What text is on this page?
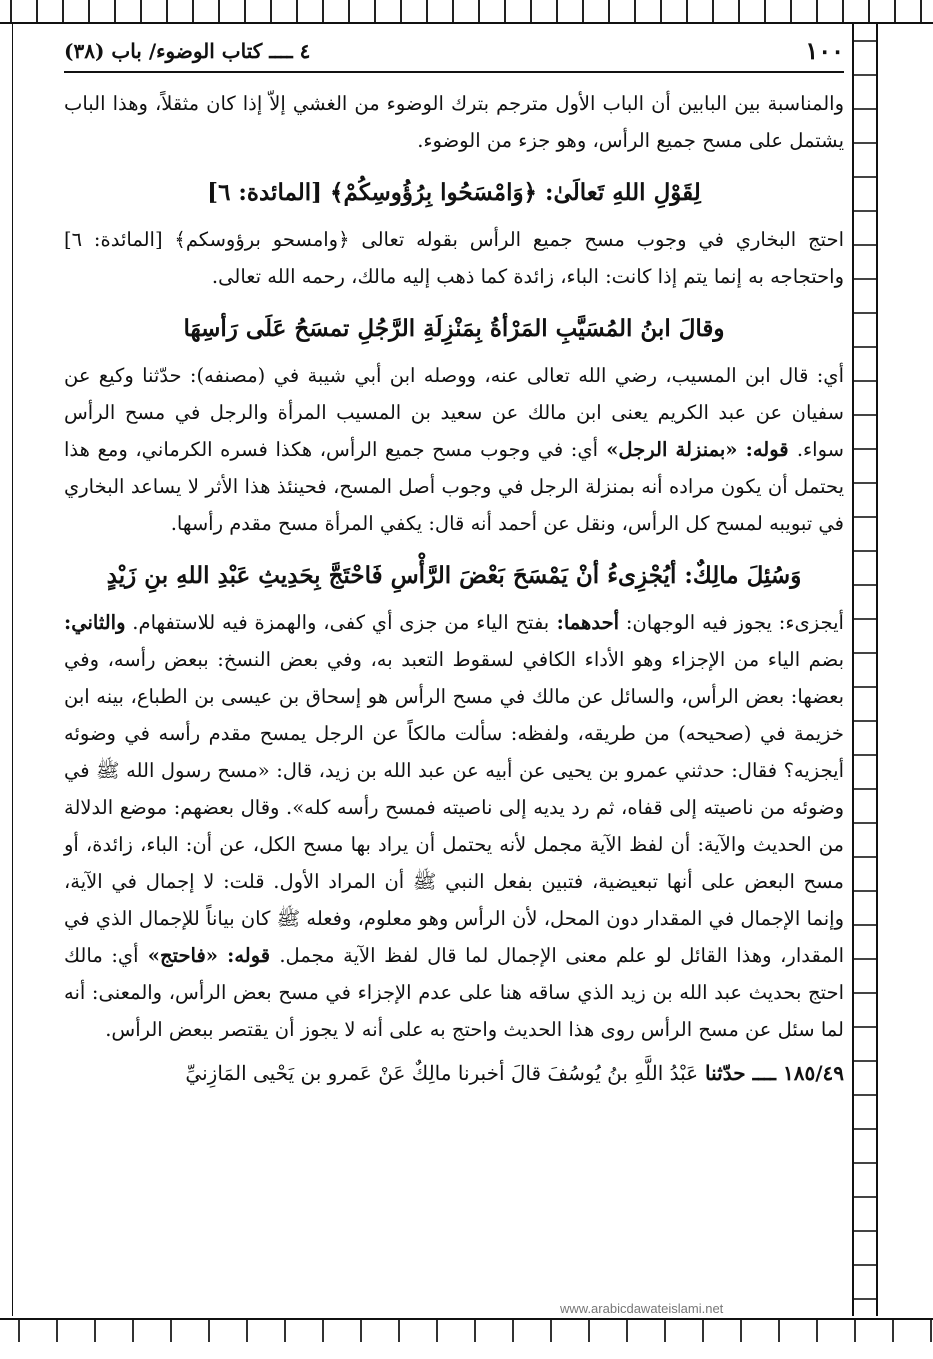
١٠٠
٤ ــــ كتاب الوضوء/ باب (٣٨)

والمناسبة بين البابين أن الباب الأول مترجم بترك الوضوء من الغشي إلاّ إذا كان مثقلاً، وهذا الباب يشتمل على مسح جميع الرأس، وهو جزء من الوضوء.

لِقَوْلِ اللهِ تَعالَىٰ: ﴿وَامْسَحُوا بِرُؤُوسِكُمْ﴾ [المائدة: ٦]

احتج البخاري في وجوب مسح جميع الرأس بقوله تعالى ﴿وامسحو برؤوسكم﴾ [المائدة: ٦] واحتجاجه به إنما يتم إذا كانت: الباء، زائدة كما ذهب إليه مالك، رحمه الله تعالى.

وقالَ ابنُ المُسَيَّبِ المَرْأةُ بِمَنْزِلَةِ الرَّجُلِ تمسَحُ عَلَى رَأسِهَا

أي: قال ابن المسيب، رضي الله تعالى عنه، ووصله ابن أبي شيبة في (مصنفه): حدّثنا وكيع عن سفيان عن عبد الكريم يعنى ابن مالك عن سعيد بن المسيب المرأة والرجل في مسح الرأس سواء. قوله: «بمنزلة الرجل» أي: في وجوب مسح جميع الرأس، هكذا فسره الكرماني، ومع هذا يحتمل أن يكون مراده أنه بمنزلة الرجل في وجوب أصل المسح، فحينئذ هذا الأثر لا يساعد البخاري في تبويبه لمسح كل الرأس، ونقل عن أحمد أنه قال: يكفي المرأة مسح مقدم رأسها.

وَسُئِلَ مالِكٌ: أيُجْزِىءُ أنْ يَمْسَحَ بَعْضَ الرَّأْسِ فَاحْتَجَّ بِحَدِيثِ عَبْدِ اللهِ بنِ زَيْدٍ

أيجزىء: يجوز فيه الوجهان: أحدهما: بفتح الياء من جزى أي كفى، والهمزة فيه للاستفهام. والثاني: بضم الياء من الإجزاء وهو الأداء الكافي لسقوط التعبد به، وفي بعض النسخ: ببعض رأسه، وفي بعضها: بعض الرأس، والسائل عن مالك في مسح الرأس هو إسحاق بن عيسى بن الطباع، بينه ابن خزيمة في (صحيحه) من طريقه، ولفظه: سألت مالكاً عن الرجل يمسح مقدم رأسه في وضوئه أيجزيه؟ فقال: حدثني عمرو بن يحيى عن أبيه عن عبد الله بن زيد، قال: «مسح رسول الله ﷺ في وضوئه من ناصيته إلى قفاه، ثم رد يديه إلى ناصيته فمسح رأسه كله». وقال بعضهم: موضع الدلالة من الحديث والآية: أن لفظ الآية مجمل لأنه يحتمل أن يراد بها مسح الكل، عن أن: الباء، زائدة، أو مسح البعض على أنها تبعيضية، فتبين بفعل النبي ﷺ أن المراد الأول. قلت: لا إجمال في الآية، وإنما الإجمال في المقدار دون المحل، لأن الرأس وهو معلوم، وفعله ﷺ كان بياناً للإجمال الذي في المقدار، وهذا القائل لو علم معنى الإجمال لما قال لفظ الآية مجمل. قوله: «فاحتج» أي: مالك احتج بحديث عبد الله بن زيد الذي ساقه هنا على عدم الإجزاء في مسح بعض الرأس، والمعنى: أنه لما سئل عن مسح الرأس روى هذا الحديث واحتج به على أنه لا يجوز أن يقتصر ببعض الرأس.

١٨٥/٤٩ ــــ حدّثنا عَبْدُ اللَّهِ بنُ يُوسُفَ قالَ أخبرنا مالِكٌ عَنْ عَمرو بن يَحْيى المَازِنيِّ

www.arabicdawateislami.net
